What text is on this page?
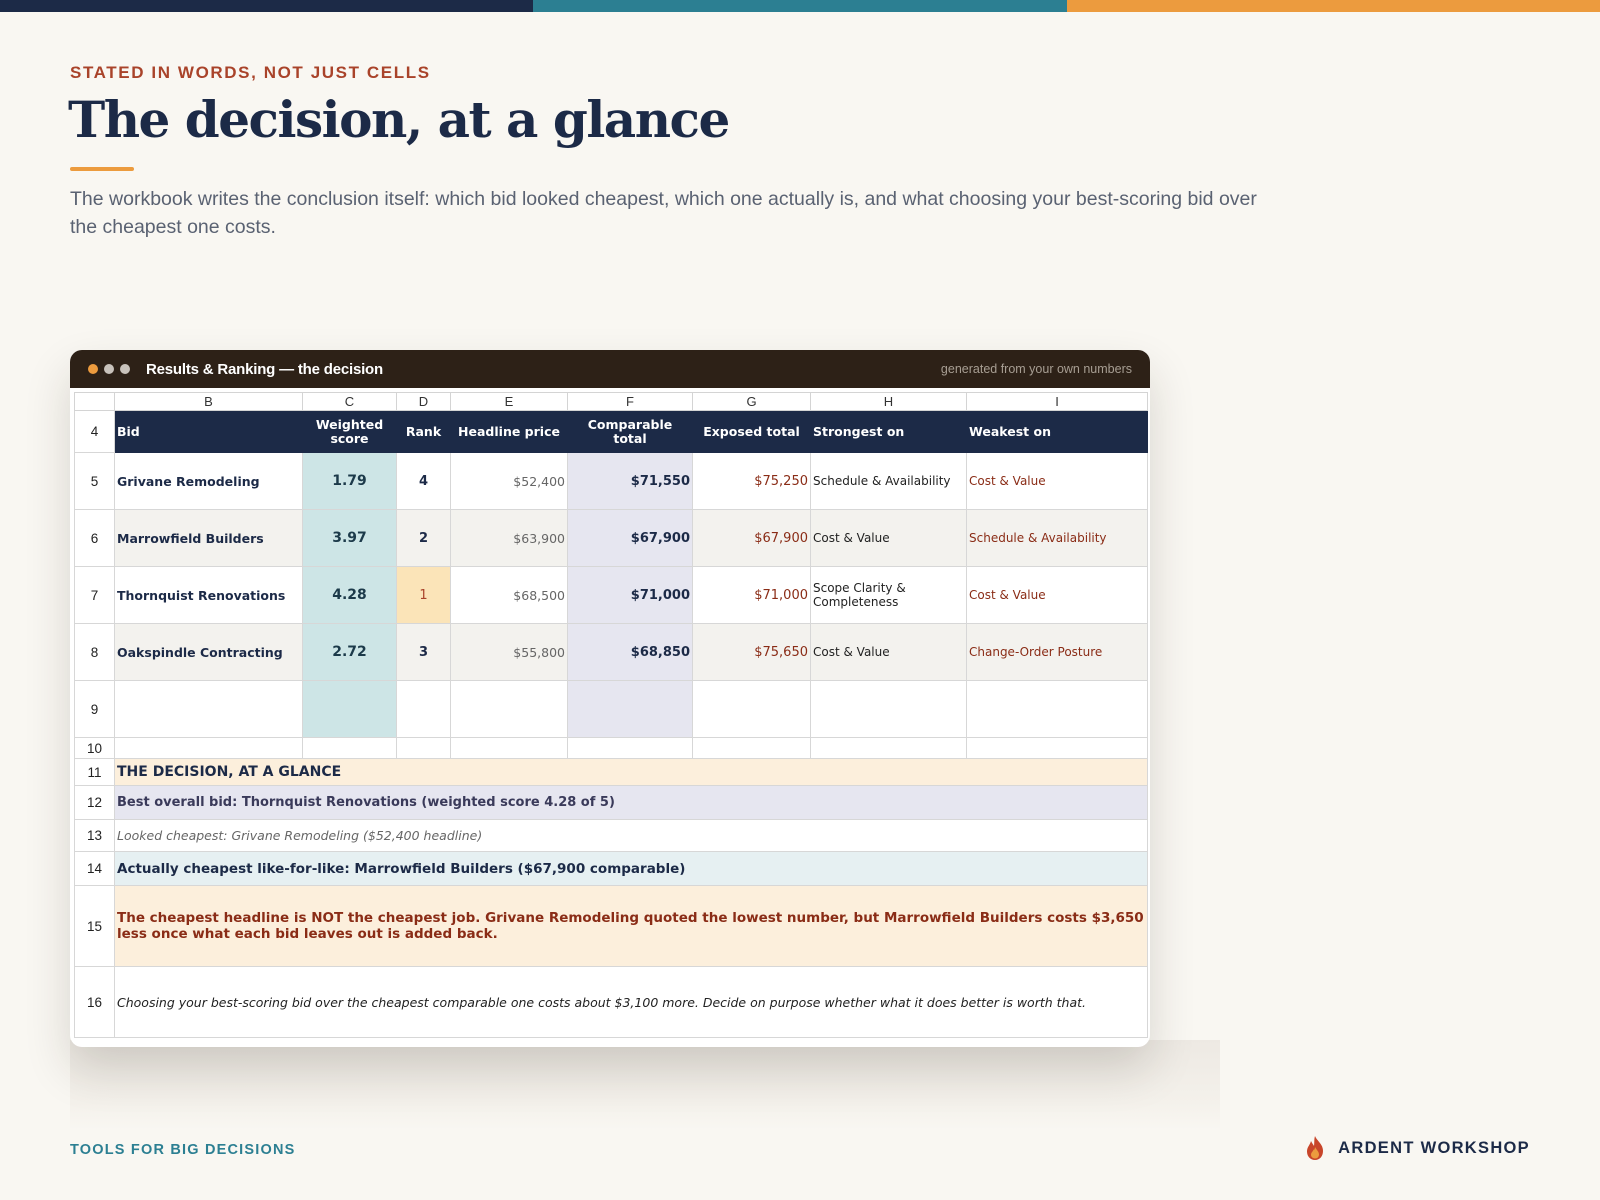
STATED IN WORDS, NOT JUST CELLS
The decision, at a glance

The workbook writes the conclusion itself: which bid looked cheapest, which one actually is, and what choosing your best-scoring bid over the cheapest one costs.

Results & Ranking — the decision	generated from your own numbers
	B	C	D	E	F	G	H	I
4	Bid	Weighted score	Rank	Headline price	Comparable total	Exposed total	Strongest on	Weakest on
5	Grivane Remodeling	1.79	4	$52,400	$71,550	$75,250	Schedule & Availability	Cost & Value
6	Marrowfield Builders	3.97	2	$63,900	$67,900	$67,900	Cost & Value	Schedule & Availability
7	Thornquist Renovations	4.28	1	$68,500	$71,000	$71,000	Scope Clarity & Completeness	Cost & Value
8	Oakspindle Contracting	2.72	3	$55,800	$68,850	$75,650	Cost & Value	Change-Order Posture
9								
10								
11	THE DECISION, AT A GLANCE							
12	Best overall bid: Thornquist Renovations (weighted score 4.28 of 5)							
13	Looked cheapest: Grivane Remodeling ($52,400 headline)							
14	Actually cheapest like-for-like: Marrowfield Builders ($67,900 comparable)							
15	The cheapest headline is NOT the cheapest job. Grivane Remodeling quoted the lowest number, but Marrowfield Builders costs $3,650 less once what each bid leaves out is added back.							
16	Choosing your best-scoring bid over the cheapest comparable one costs about $3,100 more. Decide on purpose whether what it does better is worth that.							
TOOLS FOR BIG DECISIONS	ARDENT WORKSHOP
